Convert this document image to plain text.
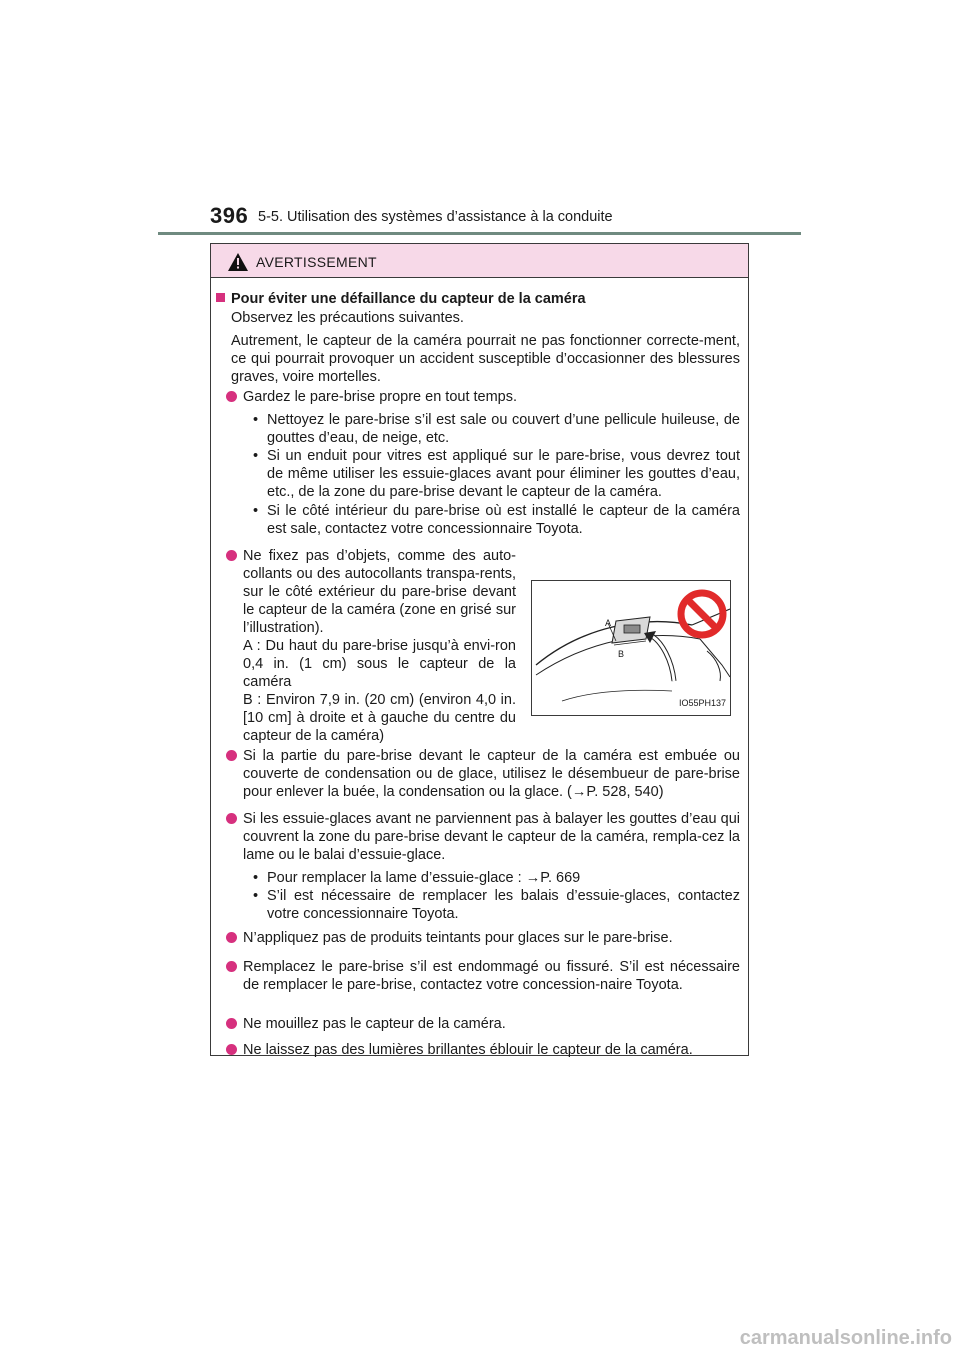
396 5-5. Utilisation des systèmes d’assistance à la conduite
AVERTISSEMENT
Pour éviter une défaillance du capteur de la caméra
Observez les précautions suivantes.
Autrement, le capteur de la caméra pourrait ne pas fonctionner correcte-ment, ce qui pourrait provoquer un accident susceptible d’occasionner des blessures graves, voire mortelles.
Gardez le pare-brise propre en tout temps.
• Nettoyez le pare-brise s’il est sale ou couvert d’une pellicule huileuse, de gouttes d’eau, de neige, etc.
• Si un enduit pour vitres est appliqué sur le pare-brise, vous devrez tout de même utiliser les essuie-glaces avant pour éliminer les gouttes d’eau, etc., de la zone du pare-brise devant le capteur de la caméra.
• Si le côté intérieur du pare-brise où est installé le capteur de la caméra est sale, contactez votre concessionnaire Toyota.
Ne fixez pas d’objets, comme des auto-collants ou des autocollants transpa-rents, sur le côté extérieur du pare-brise devant le capteur de la caméra (zone en grisé sur l’illustration).
A : Du haut du pare-brise jusqu’à envi-ron 0,4 in. (1 cm) sous le capteur de la caméra
B : Environ 7,9 in. (20 cm) (environ 4,0 in. [10 cm] à droite et à gauche du centre du capteur de la caméra)
A
B
IO55PH137
Si la partie du pare-brise devant le capteur de la caméra est embuée ou couverte de condensation ou de glace, utilisez le désembueur de pare-brise pour enlever la buée, la condensation ou la glace. (→P. 528, 540)
Si les essuie-glaces avant ne parviennent pas à balayer les gouttes d’eau qui couvrent la zone du pare-brise devant le capteur de la caméra, rempla-cez la lame ou le balai d’essuie-glace.
• Pour remplacer la lame d’essuie-glace : →P. 669
• S’il est nécessaire de remplacer les balais d’essuie-glaces, contactez votre concessionnaire Toyota.
N’appliquez pas de produits teintants pour glaces sur le pare-brise.
Remplacez le pare-brise s’il est endommagé ou fissuré. S’il est nécessaire de remplacer le pare-brise, contactez votre concession-naire Toyota.
Ne mouillez pas le capteur de la caméra.
Ne laissez pas des lumières brillantes éblouir le capteur de la caméra.
carmanualsonline.info
